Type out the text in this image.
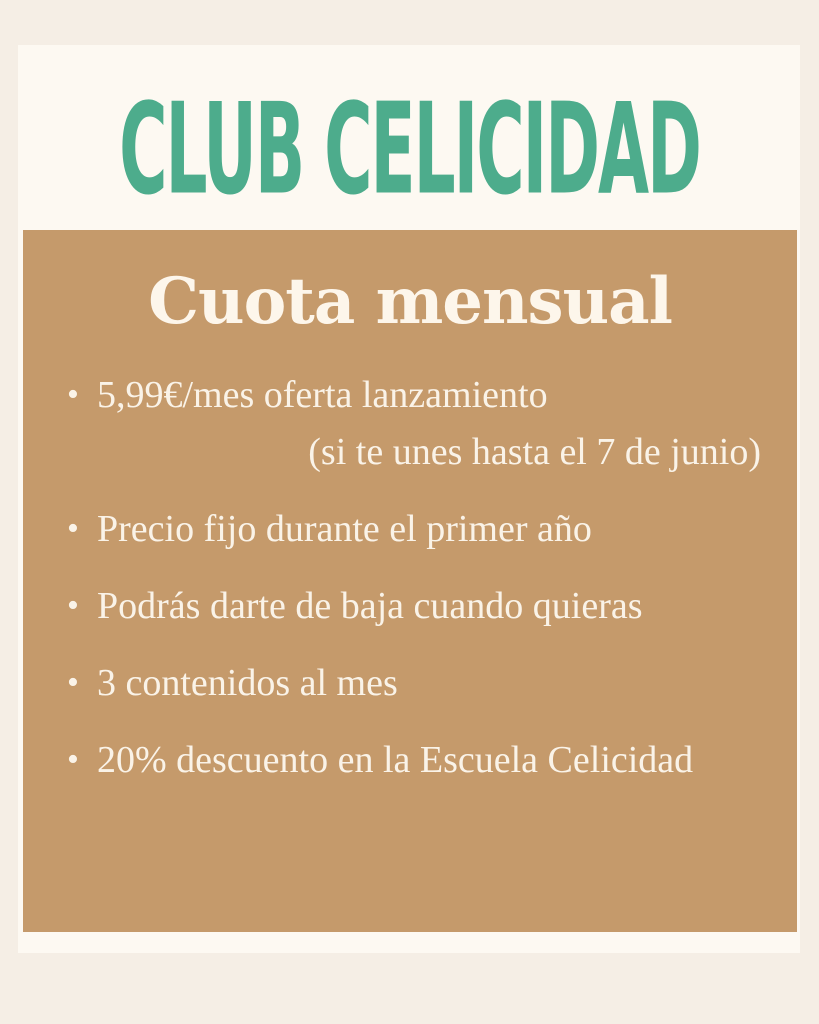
CLUB CELICIDAD
Cuota mensual
• 5,99€/mes oferta lanzamiento
(si te unes hasta el 7 de junio)
• Precio fijo durante el primer año
• Podrás darte de baja cuando quieras
• 3 contenidos al mes
• 20% descuento en la Escuela Celicidad
